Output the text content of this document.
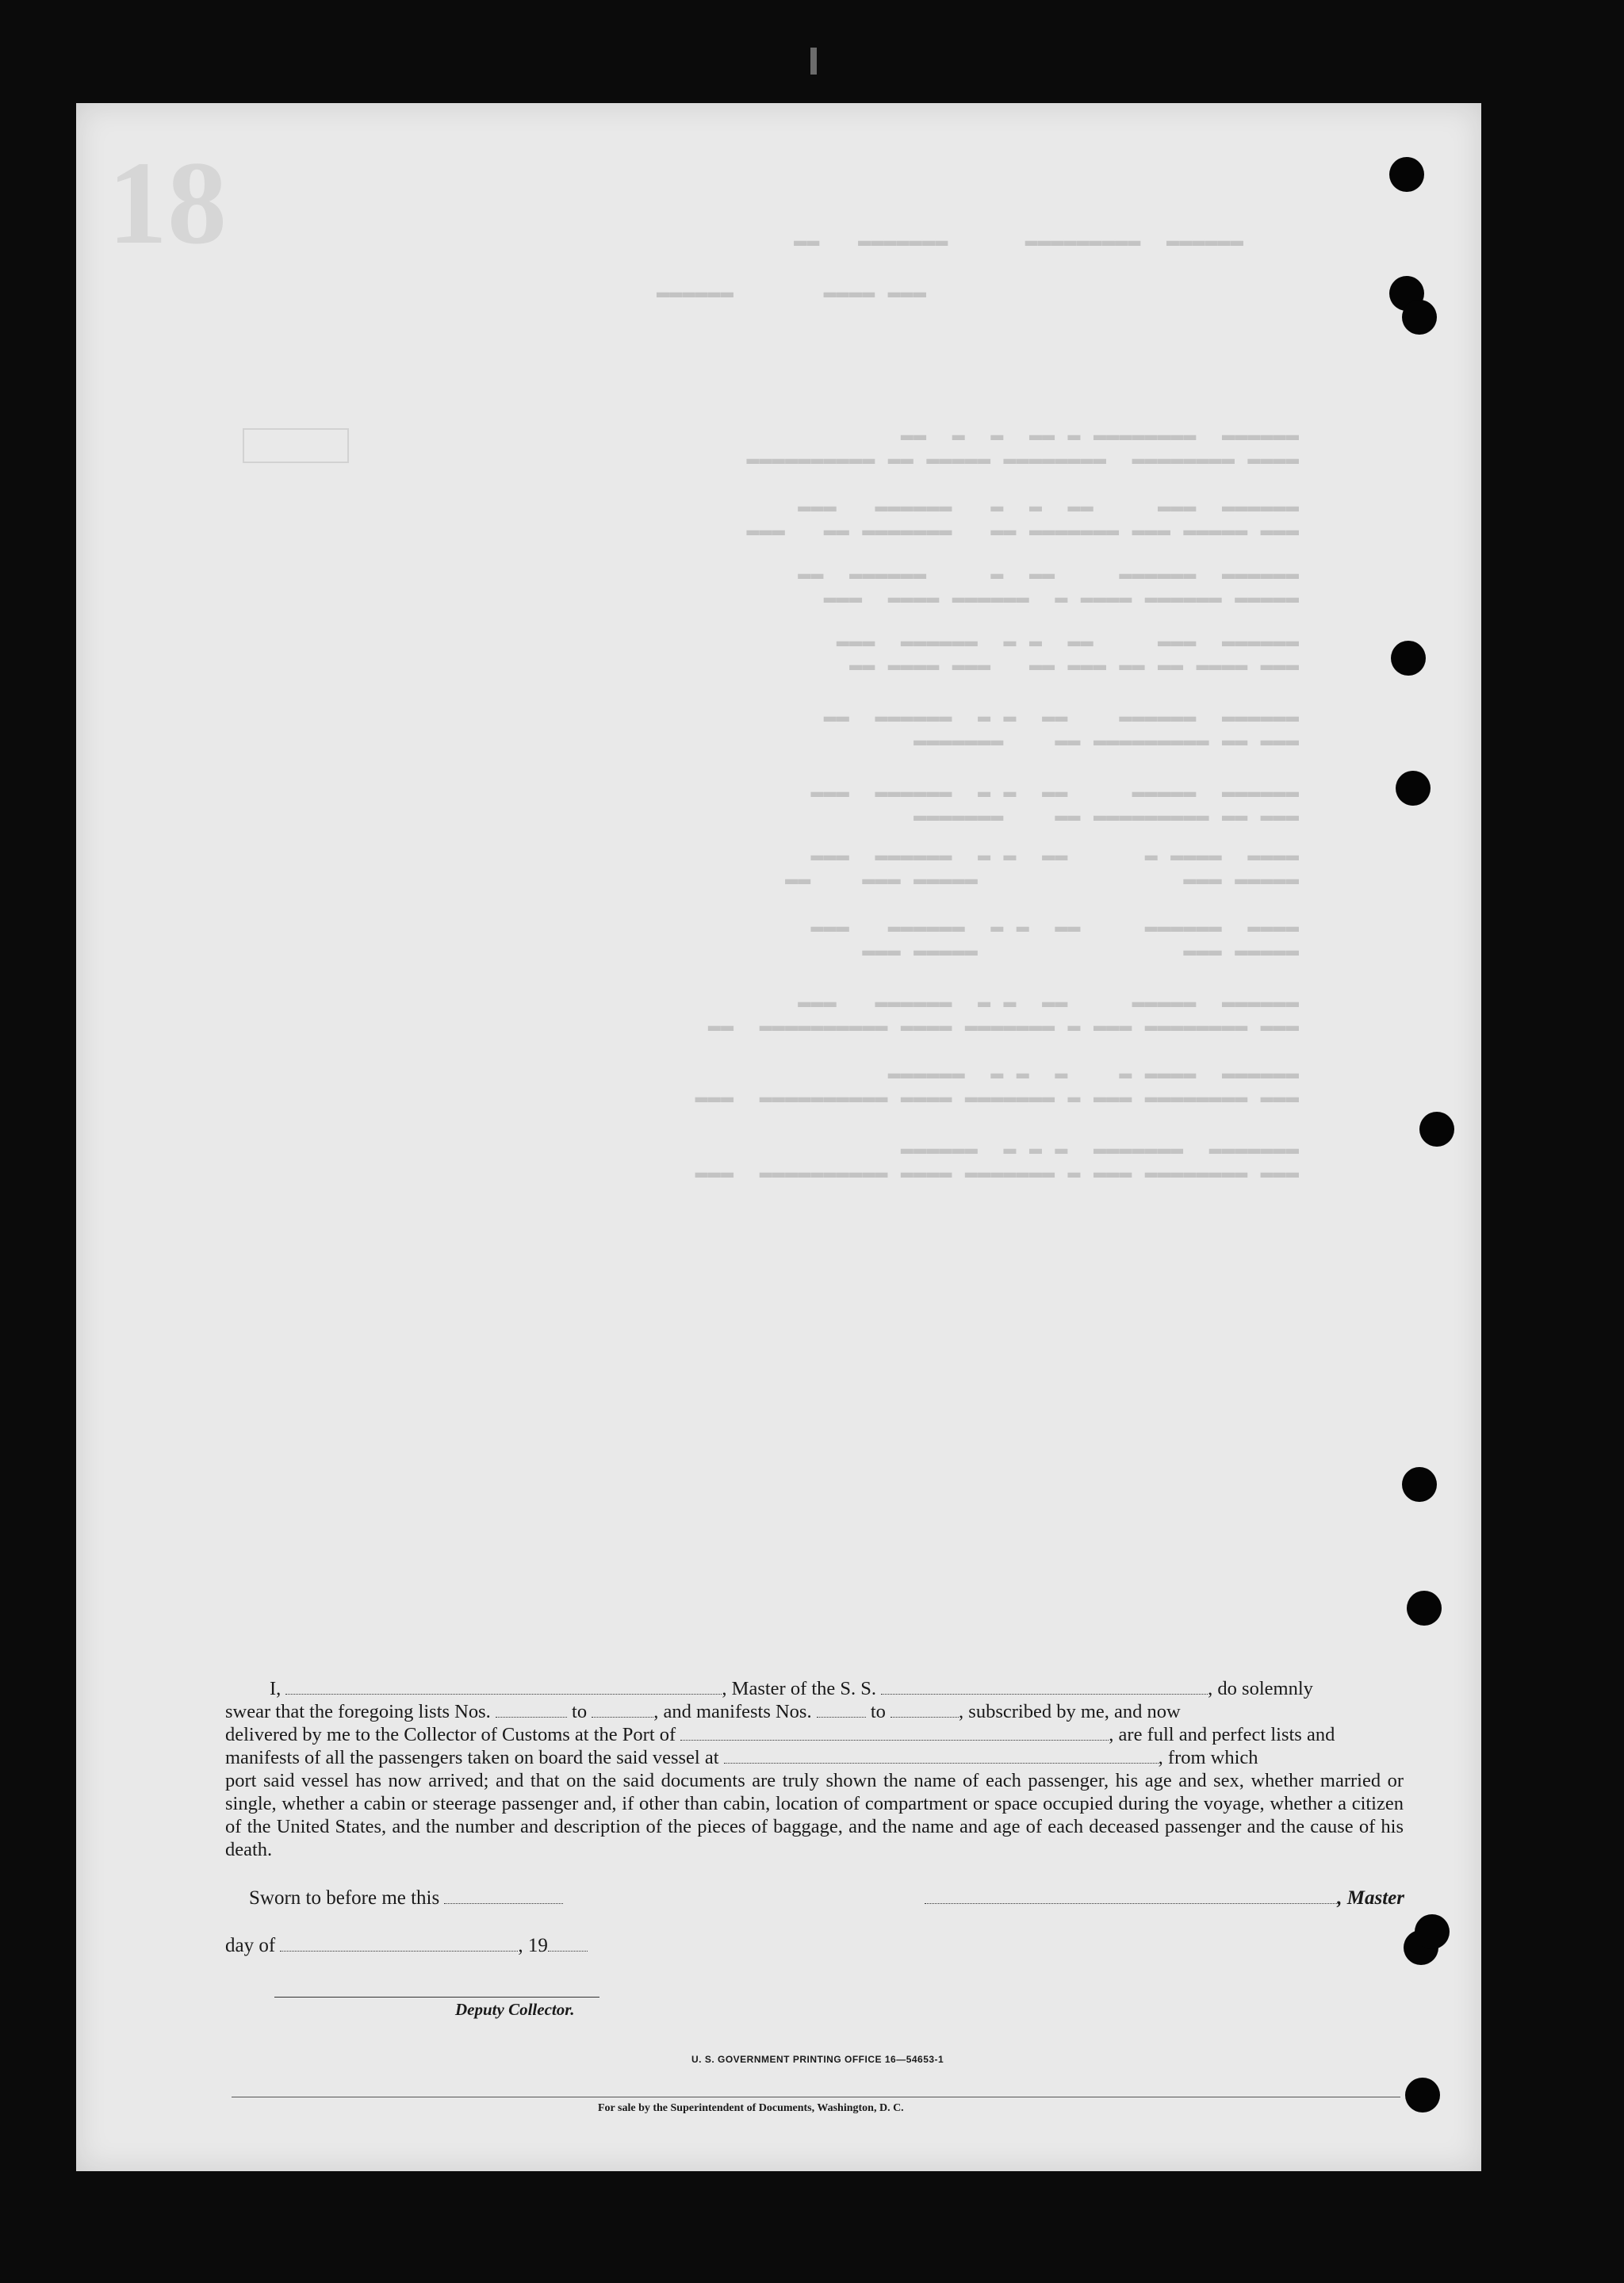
18

	▬▬▬▬▬▬  ▬▬▬▬▬▬▬▬▬      ▬▬▬▬▬▬▬   ▬▬

▬▬▬ ▬▬▬▬       ▬▬▬▬▬▬

▬▬▬▬▬▬  ▬▬▬▬▬▬▬▬ ▬ ▬▬  ▬  ▬  ▬▬

▬▬▬▬ ▬▬▬▬▬▬▬▬  ▬▬▬▬▬▬▬▬ ▬▬▬▬▬ ▬▬ ▬▬▬▬▬▬▬▬▬▬

▬▬▬▬▬▬  ▬▬▬     ▬▬  ▬  ▬   ▬▬▬▬▬▬   ▬▬▬

▬▬▬ ▬▬▬▬▬ ▬▬▬ ▬▬▬▬▬▬▬ ▬▬   ▬▬▬▬▬▬▬ ▬▬   ▬▬▬

▬▬▬▬▬▬  ▬▬▬▬▬▬     ▬▬  ▬     ▬▬▬▬▬▬  ▬▬

▬▬▬▬▬ ▬▬▬▬▬▬ ▬▬▬▬ ▬  ▬▬▬▬▬▬ ▬▬▬▬  ▬▬▬

▬▬▬▬▬▬  ▬▬▬     ▬▬  ▬ ▬  ▬▬▬▬▬▬  ▬▬▬

▬▬▬ ▬▬▬▬ ▬▬ ▬▬ ▬▬▬ ▬▬   ▬▬▬ ▬▬▬▬ ▬▬

▬▬▬▬▬▬  ▬▬▬▬▬▬    ▬▬  ▬ ▬  ▬▬▬▬▬▬  ▬▬

▬▬▬ ▬▬ ▬▬▬▬▬▬▬▬▬ ▬▬    ▬▬▬▬▬▬▬

▬▬▬▬▬▬  ▬▬▬▬▬     ▬▬  ▬ ▬  ▬▬▬▬▬▬  ▬▬▬

▬▬▬ ▬▬ ▬▬▬▬▬▬▬▬▬ ▬▬    ▬▬▬▬▬▬▬

▬▬▬▬  ▬▬▬▬ ▬      ▬▬  ▬ ▬  ▬▬▬▬▬▬  ▬▬▬

▬▬▬▬▬ ▬▬▬                ▬▬▬▬▬ ▬▬▬    ▬▬

▬▬▬▬  ▬▬▬▬▬▬     ▬▬  ▬ ▬  ▬▬▬▬▬▬   ▬▬▬

▬▬▬▬▬ ▬▬▬                ▬▬▬▬▬ ▬▬▬

▬▬▬▬▬▬  ▬▬▬▬▬     ▬▬  ▬ ▬  ▬▬▬▬▬▬   ▬▬▬

▬▬▬ ▬▬▬▬▬▬▬▬ ▬▬▬ ▬ ▬▬▬▬▬▬▬ ▬▬▬▬ ▬▬▬▬▬▬▬▬▬▬  ▬▬

▬▬▬▬▬▬  ▬▬▬▬ ▬    ▬  ▬ ▬  ▬▬▬▬▬▬

▬▬▬ ▬▬▬▬▬▬▬▬ ▬▬▬ ▬ ▬▬▬▬▬▬▬ ▬▬▬▬ ▬▬▬▬▬▬▬▬▬▬  ▬▬▬

▬▬▬▬▬▬▬  ▬▬▬▬▬▬▬  ▬ ▬ ▬  ▬▬▬▬▬▬

▬▬▬ ▬▬▬▬▬▬▬▬ ▬▬▬ ▬ ▬▬▬▬▬▬▬ ▬▬▬▬ ▬▬▬▬▬▬▬▬▬▬  ▬▬▬

I,	, Master of the S. S.	, do solemnly

swear that the foregoing lists Nos.	to	, and manifests Nos.	to	, subscribed by me, and now

delivered by me to the Collector of Customs at the Port of	, are full and perfect lists and

manifests of all the passengers taken on board the said vessel at	, from which

port said vessel has now arrived; and that on the said documents are truly shown the name of each passenger, his age and sex, whether married or single, whether a cabin or steerage passenger and, if other than cabin, location of compartment or space occupied during the voyage, whether a citizen of the United States, and the number and description of the pieces of baggage, and the name and age of each deceased passenger and the cause of his death.

Sworn to before me this	, Master
day of	, 19
Deputy Collector.
U. S. GOVERNMENT PRINTING OFFICE 16—54653-1
For sale by the Superintendent of Documents, Washington, D. C.
